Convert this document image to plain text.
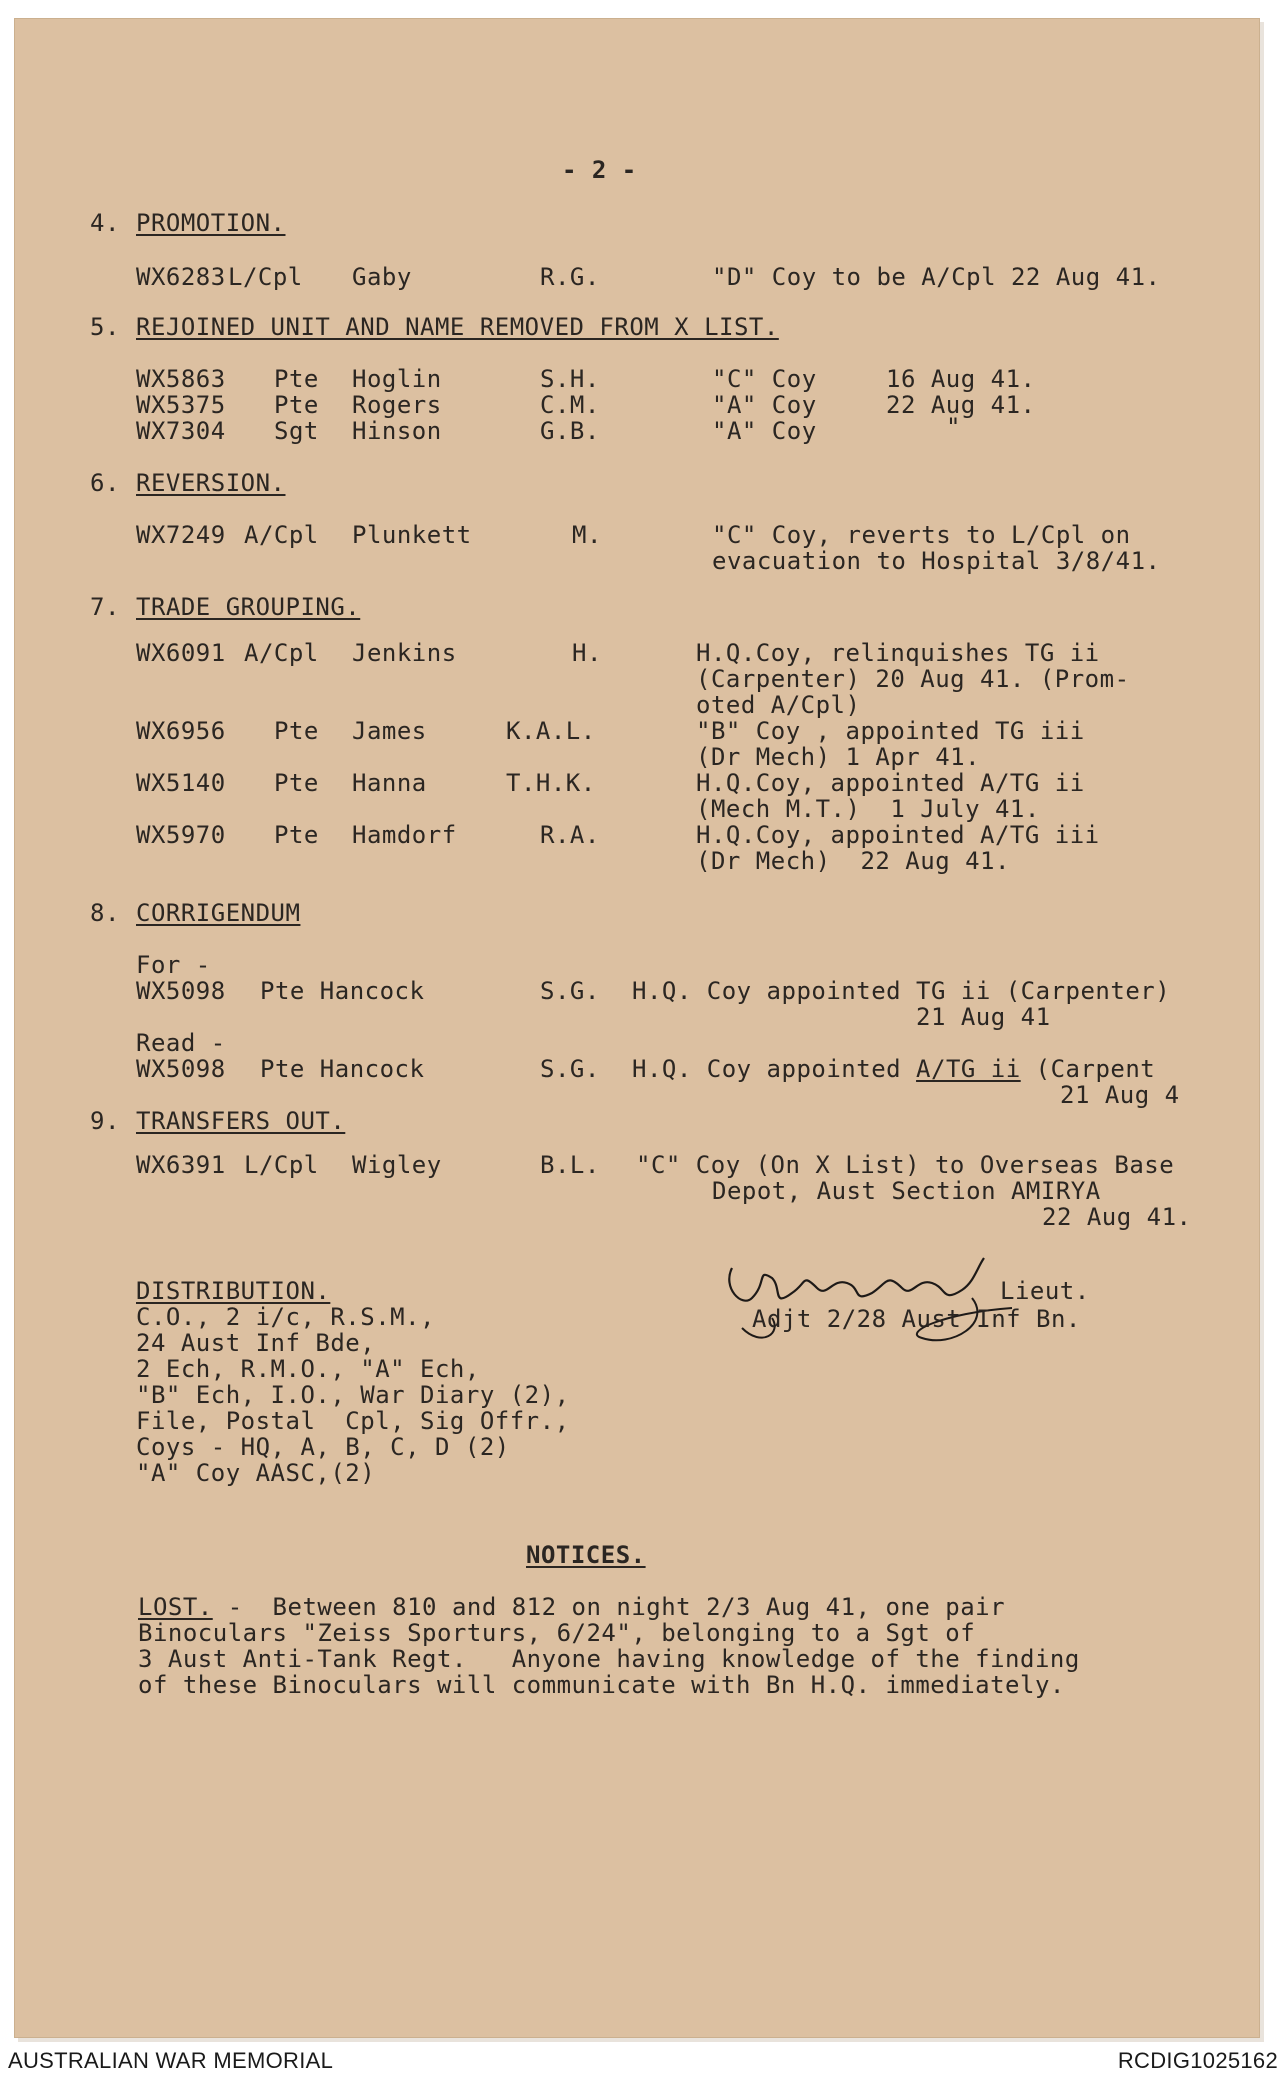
- 2 -
4. PROMOTION.
WX6283 L/Cpl Gaby	R.G.	"D" Coy to be A/Cpl 22 Aug 41.
5. REJOINED UNIT AND NAME REMOVED FROM X LIST.
WX5863 Pte Hoglin	S.H.	"C" Coy	16 Aug 41.
WX5375 Pte Rogers	C.M.	"A" Coy	22 Aug 41.
WX7304 Sgt Hinson	G.B.	"A" Coy	"
6. REVERSION.
WX7249 A/Cpl Plunkett	M.	"C" Coy, reverts to L/Cpl on
evacuation to Hospital 3/8/41.
7. TRADE GROUPING.
WX6091 A/Cpl Jenkins	H.	H.Q.Coy, relinquishes TG ii
(Carpenter) 20 Aug 41. (Prom-
oted A/Cpl)
WX6956 Pte James	K.A.L.	"B" Coy , appointed TG iii
(Dr Mech) 1 Apr 41.
WX5140 Pte Hanna	T.H.K.	H.Q.Coy, appointed A/TG ii
(Mech M.T.)  1 July 41.
WX5970 Pte Hamdorf	R.A.	H.Q.Coy, appointed A/TG iii
(Dr Mech)  22 Aug 41.
8. CORRIGENDUM
For -
WX5098 Pte Hancock	S.G. H.Q. Coy appointed TG ii (Carpenter)
21 Aug 41
Read -
WX5098 Pte Hancock	S.G. H.Q. Coy appointed A/TG ii (Carpent
21 Aug 4
9. TRANSFERS OUT.
WX6391 L/Cpl Wigley	B.L. "C" Coy (On X List) to Overseas Base
Depot, Aust Section AMIRYA
22 Aug 41.
Lieut.
Adjt 2/28 Aust Inf Bn.
DISTRIBUTION.
C.O., 2 i/c, R.S.M.,
24 Aust Inf Bde,
2 Ech, R.M.O., "A" Ech,
"B" Ech, I.O., War Diary (2),
File, Postal  Cpl, Sig Offr.,
Coys - HQ, A, B, C, D (2)
"A" Coy AASC,(2)
NOTICES.
LOST. -  Between 810 and 812 on night 2/3 Aug 41, one pair
Binoculars "Zeiss Sporturs, 6/24", belonging to a Sgt of
3 Aust Anti-Tank Regt.   Anyone having knowledge of the finding
of these Binoculars will communicate with Bn H.Q. immediately.
AUSTRALIAN WAR MEMORIAL	RCDIG1025162
